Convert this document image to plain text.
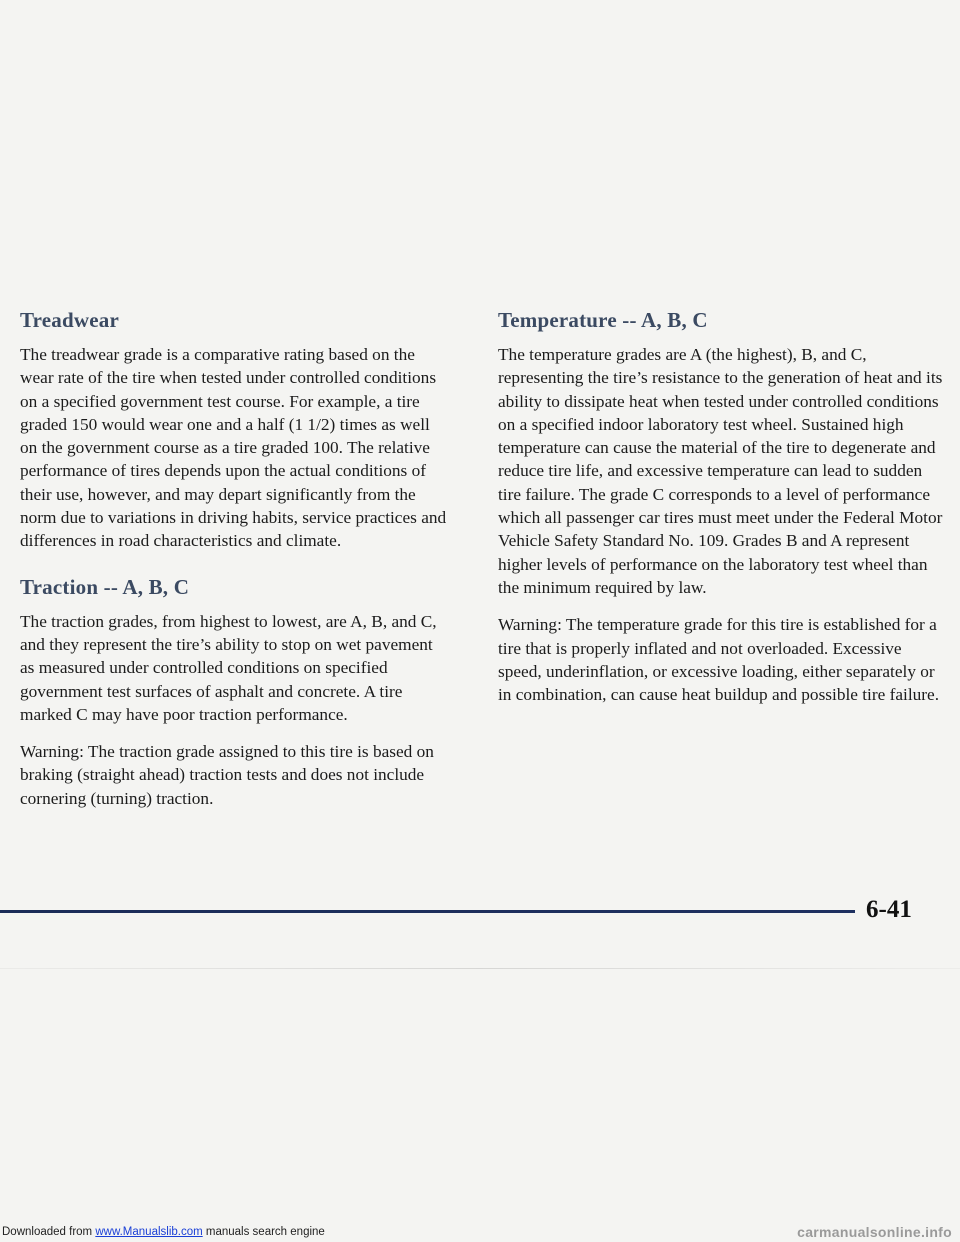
Treadwear

The treadwear grade is a comparative rating based on the wear rate of the tire when tested under controlled conditions on a specified government test course. For example, a tire graded 150 would wear one and a half (1 1/2) times as well on the government course as a tire graded 100. The relative performance of tires depends upon the actual conditions of their use, however, and may depart significantly from the norm due to variations in driving habits, service practices and differences in road characteristics and climate.

Traction -- A, B, C

The traction grades, from highest to lowest, are A, B, and C, and they represent the tire’s ability to stop on wet pavement as measured under controlled conditions on specified government test surfaces of asphalt and concrete. A tire marked C may have poor traction performance.

Warning: The traction grade assigned to this tire is based on braking (straight ahead) traction tests and does not include cornering (turning) traction.

Temperature -- A, B, C

The temperature grades are A (the highest), B, and C, representing the tire’s resistance to the generation of heat and its ability to dissipate heat when tested under controlled conditions on a specified indoor laboratory test wheel. Sustained high temperature can cause the material of the tire to degenerate and reduce tire life, and excessive temperature can lead to sudden tire failure. The grade C corresponds to a level of performance which all passenger car tires must meet under the Federal Motor Vehicle Safety Standard No. 109. Grades B and A represent higher levels of performance on the laboratory test wheel than the minimum required by law.

Warning: The temperature grade for this tire is established for a tire that is properly inflated and not overloaded. Excessive speed, underinflation, or excessive loading, either separately or in combination, can cause heat buildup and possible tire failure.

6-41
Downloaded from www.Manualslib.com manuals search engine	carmanualsonline.info
